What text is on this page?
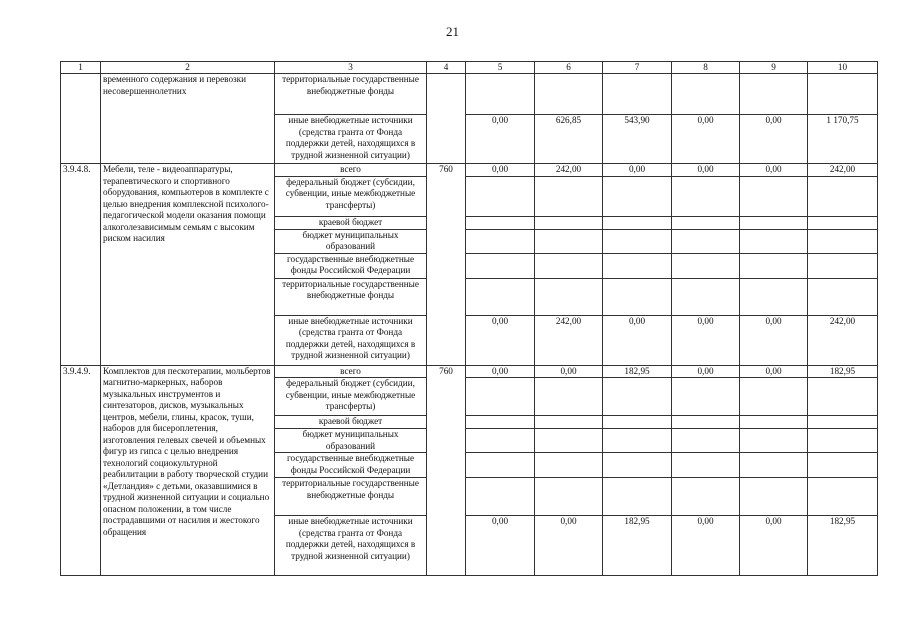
21
1	2	3	4	5	6	7	8	9	10
	временного содержания и перевозки несовершеннолетних	территориальные государственные внебюджетные фонды							
		иные внебюджетные источники (средства гранта от Фонда поддержки детей, находящихся в трудной жизненной ситуации)		0,00	626,85	543,90	0,00	0,00	1 170,75
3.9.4.8.	Мебели, теле - видеоаппаратуры, терапевтического и спортивного оборудования, компьютеров в комплекте с целью внедрения комплексной психолого-педагогической модели оказания помощи алкоголезависимым семьям с высоким риском насилия	всего	760	0,00	242,00	0,00	0,00	0,00	242,00
		федеральный бюджет (субсидии, субвенции, иные межбюджетные трансферты)							
		краевой бюджет							
		бюджет муниципальных образований							
		государственные внебюджетные фонды Российской Федерации							
		территориальные государственные внебюджетные фонды							
		иные внебюджетные источники (средства гранта от Фонда поддержки детей, находящихся в трудной жизненной ситуации)		0,00	242,00	0,00	0,00	0,00	242,00
3.9.4.9.	Комплектов для пескотерапии, мольбертов магнитно-маркерных, наборов музыкальных инструментов и синтезаторов, дисков, музыкальных центров, мебели, глины, красок, туши, наборов для бисероплетения, изготовления гелевых свечей и объемных фигур из гипса с целью внедрения технологий социокультурной реабилитации в работу творческой студии «Детландия» с детьми, оказавшимися в трудной жизненной ситуации и социально опасном положении, в том числе пострадавшими от насилия и жестокого обращения	всего	760	0,00	0,00	182,95	0,00	0,00	182,95
		федеральный бюджет (субсидии, субвенции, иные межбюджетные трансферты)							
		краевой бюджет							
		бюджет муниципальных образований							
		государственные внебюджетные фонды Российской Федерации							
		территориальные государственные внебюджетные фонды							
		иные внебюджетные источники (средства гранта от Фонда поддержки детей, находящихся в трудной жизненной ситуации)		0,00	0,00	182,95	0,00	0,00	182,95
